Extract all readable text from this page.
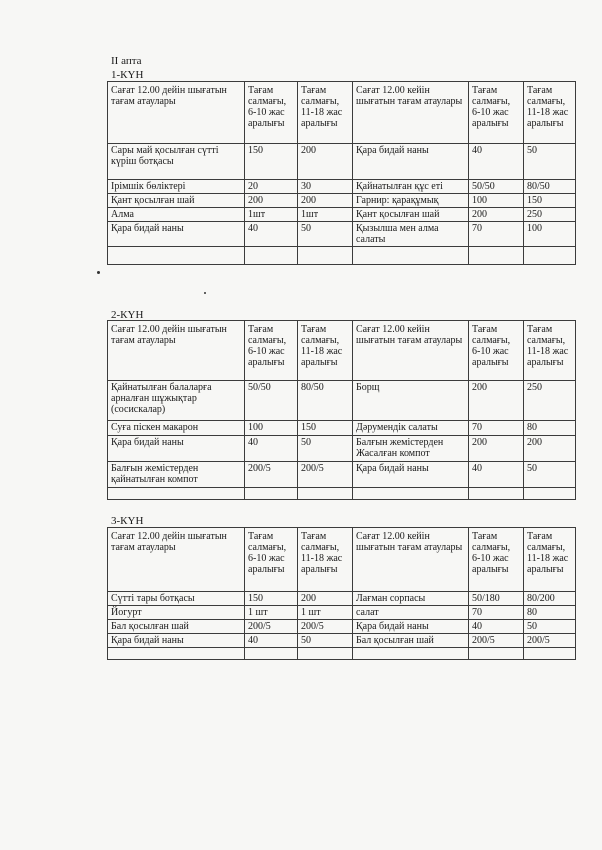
II апта
1-КҮН
Сағат 12.00 дейін шығатын тағам атаулары	Тағам салмағы, 6-10 жас аралығы	Тағам салмағы, 11-18 жас аралығы	Сағат 12.00 кейін шығатын тағам атаулары	Тағам салмағы, 6-10 жас аралығы	Тағам салмағы, 11-18 жас аралығы
Сары май қосылған сүтті күріш ботқасы	150	200	Қара бидай наны	40	50
Ірімшік бөліктері	20	30	Қайнатылған құс еті	50/50	80/50
Қант қосылған шай	200	200	Гарнир: қарақұмық	100	150
Алма	1шт	1шт	Қант қосылған шай	200	250
Қара бидай наны	40	50	Қызылша мен алма салаты	70	100

2-КҮН
Сағат 12.00 дейін шығатын тағам атаулары	Тағам салмағы, 6-10 жас аралығы	Тағам салмағы, 11-18 жас аралығы	Сағат 12.00 кейін шығатын тағам атаулары	Тағам салмағы, 6-10 жас аралығы	Тағам салмағы, 11-18 жас аралығы
Қайнатылған балаларға арналған шұжықтар (сосискалар)	50/50	80/50	Борщ	200	250
Суға піскен макарон	100	150	Дәрумендік салаты	70	80
Қара бидай наны	40	50	Балғын жемістерден Жасалған компот	200	200
Балғын жемістерден қайнатылған компот	200/5	200/5	Қара бидай наны	40	50

3-КҮН
Сағат 12.00 дейін шығатын тағам атаулары	Тағам салмағы, 6-10 жас аралығы	Тағам салмағы, 11-18 жас аралығы	Сағат 12.00 кейін шығатын тағам атаулары	Тағам салмағы, 6-10 жас аралығы	Тағам салмағы, 11-18 жас аралығы
Сүтті тары ботқасы	150	200	Лағман сорпасы	50/180	80/200
Йогурт	1 шт	1 шт	салат	70	80
Бал қосылған шай	200/5	200/5	Қара бидай наны	40	50
Қара бидай наны	40	50	Бал қосылған шай	200/5	200/5
